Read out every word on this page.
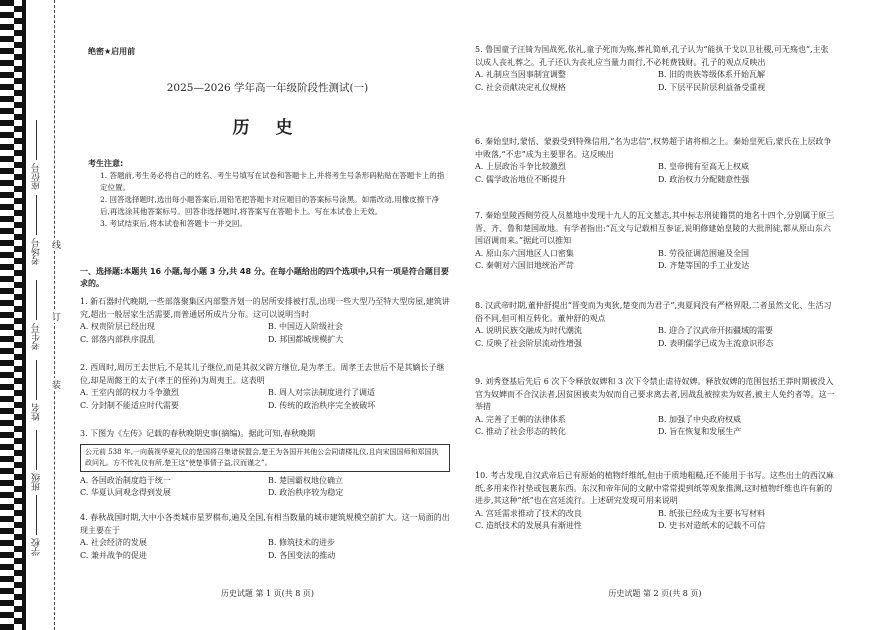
座位号
考场号
考生号
姓名
班级
学校
线
订
装
绝密★启用前
2025—2026 学年高一年级阶段性测试(一)
历 史
考生注意:

1. 答题前,考生务必将自己的姓名、考生号填写在试卷和答题卡上,并将考生号条形码粘贴在答题卡上的指定位置。

2. 回答选择题时,选出每小题答案后,用铅笔把答题卡对应题目的答案标号涂黑。如需改动,用橡皮擦干净后,再选涂其他答案标号。回答非选择题时,将答案写在答题卡上。写在本试卷上无效。

3. 考试结束后,将本试卷和答题卡一并交回。

一、选择题:本题共 16 小题,每小题 3 分,共 48 分。在每小题给出的四个选项中,只有一项是符合题目要求的。

1. 新石器时代晚期,一些部落聚集区内部整齐划一的居所安排被打乱,出现一些大型乃至特大型房屋,建筑讲究,超出一般居家生活需要,而普通居所成片分布。这可以说明当时

A. 权贵阶层已经出现	B. 中国迈入阶级社会
C. 部落内部秩序混乱	D. 邦国都城规模扩大

2. 西周时,周厉王去世后,不是其儿子继位,而是其叔父辟方继位,是为孝王。周孝王去世后不是其嫡长子继位,却是周懿王的太子(孝王的侄孙)为周夷王。这表明

A. 王室内部的权力斗争激烈	B. 周人对宗法制度进行了调适
C. 分封制不能适应时代需要	D. 传统的政治秩序完全被破坏

3. 下图为《左传》记载的春秋晚期史事(摘编)。据此可知,春秋晚期

公元前 538 年,一向藐视华夏礼仪的楚国将召集诸侯盟会,楚王为各国开其他公会同请楼礼仪,且向宋国国师和郑国执政问礼。方不传礼仪有所,楚王这“使楚事情子益,汉而谨之”。
A. 各国政治制度趋于统一	B. 楚国霸权地位确立
C. 华夏认同观念得到发展	D. 政治秩序较为稳定

4. 春秋战国时期,大中小各类城市星罗棋布,遍及全国,有相当数量的城市建筑规模空前扩大。这一局面的出现主要在于

A. 社会经济的发展	B. 修筑技术的进步
C. 兼并战争的促进	D. 各国变法的推动
历史试题 第 1 页(共 8 页)

5. 鲁国童子汪锜为国战死,依礼,童子死而为殇,葬礼简单,孔子认为“能执干戈以卫社稷,可无殇也”,主张以成人丧礼葬之。孔子还认为丧礼应当量力而行,不必耗费钱财。孔子的观点反映出

A. 礼制应当因事制宜调整	B. 旧的贵族等级体系开始瓦解
C. 社会贡献决定礼仪规格	D. 下层平民阶层利益备受重视

6. 秦始皇时,蒙恬、蒙毅受到特殊信用,“名为忠信”,权势超于诸将相之上。秦始皇死后,蒙氏在上层政争中败落,“不忠”成为主要罪名。这反映出

A. 上层政治斗争比较激烈	B. 皇帝拥有至高无上权威
C. 儒学政治地位不断提升	D. 政治权力分配随意性强

7. 秦始皇陵西侧劳役人员墓地中发现十九人的瓦文墓志,其中标志刑徒籍贯的地名十四个,分别属于原三晋、齐、鲁和楚国故地。有学者指出:“瓦文与记载相互参证,说明修建始皇陵的大批刑徒,都从原山东六国诏调而来。”据此可以推知

A. 原山东六国地区人口密集	B. 劳役征调范围遍及全国
C. 秦朝对六国旧地统治严苛	D. 齐楚等国的手工业发达

8. 汉武帝时期,董仲舒提出“晋变而为夷狄,楚变而为君子”,夷夏间没有严格界限,二者虽然文化、生活习俗不同,但可相互转化。董仲舒的观点

A. 说明民族交融成为时代潮流	B. 迎合了汉武帝开拓疆域的需要
C. 反映了社会阶层流动性增强	D. 表明儒学已成为主流意识形态

9. 刘秀登基后先后 6 次下令释放奴婢和 3 次下令禁止虐待奴婢。释放奴婢的范围包括王莽时期被没入官为奴婢而不合汉法者,因贫困被卖为奴而自己要求离去者,因战乱被掠卖为奴者,被主人免约者等。这一举措

A. 完善了王朝的法律体系	B. 加强了中央政府权威
C. 推动了社会形态的转化	D. 旨在恢复和发展生产

10. 考古发现,自汉武帝后已有原始的植物纤维纸,但由于质地粗糙,还不能用于书写。这些出土的西汉麻纸,多用来作衬垫或包裹东西。东汉和帝年间的文献中常常提到纸等观象推测,这时植物纤维也许有新的进步,其这种“纸”也在宫廷流行。上述研究发现可用来说明

A. 宫廷需求推动了技术的改良	B. 纸张已经成为主要书写材料
C. 造纸技术的发展具有渐进性	D. 史书对造纸术的记载不可信
历史试题 第 2 页(共 8 页)
